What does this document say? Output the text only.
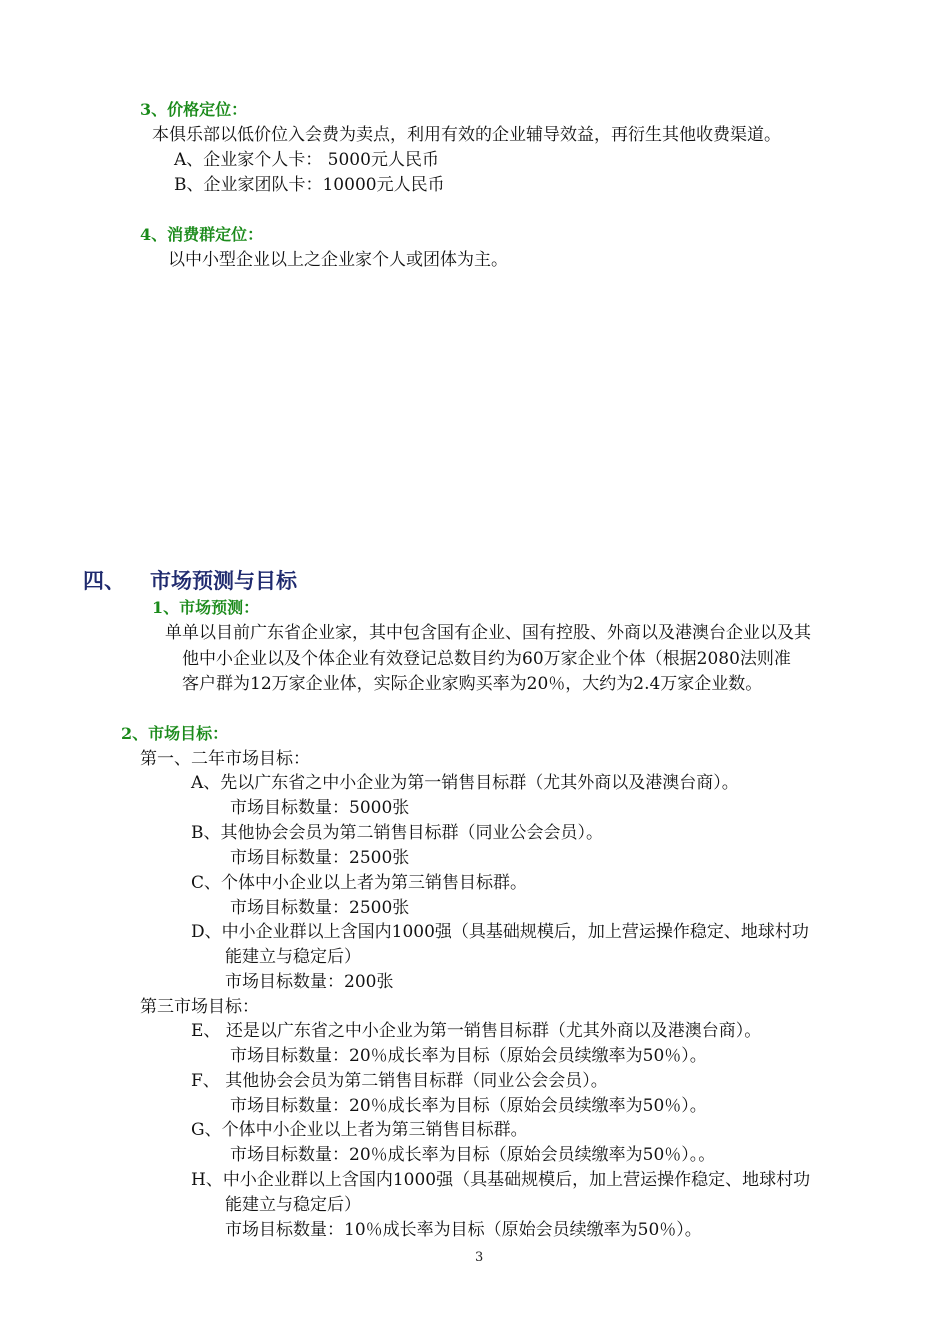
3、价格定位：
本俱乐部以低价位入会费为卖点，利用有效的企业辅导效益，再衍生其他收费渠道。
A、企业家个人卡： 5000元人民币
B、企业家团队卡：10000元人民币
4、消费群定位：
以中小型企业以上之企业家个人或团体为主。
四、 市场预测与目标
1、市场预测：
单单以目前广东省企业家，其中包含国有企业、国有控股、外商以及港澳台企业以及其
他中小企业以及个体企业有效登记总数目约为60万家企业个体（根据2080法则准
客户群为12万家企业体，实际企业家购买率为20％，大约为2.4万家企业数。
2、市场目标：
第一、二年市场目标：
A、先以广东省之中小企业为第一销售目标群（尤其外商以及港澳台商）。
市场目标数量：5000张
B、其他协会会员为第二销售目标群（同业公会会员）。
市场目标数量：2500张
C、个体中小企业以上者为第三销售目标群。
市场目标数量：2500张
D、中小企业群以上含国内1000强（具基础规模后，加上营运操作稳定、地球村功
能建立与稳定后）
市场目标数量：200张
第三市场目标：
E、 还是以广东省之中小企业为第一销售目标群（尤其外商以及港澳台商）。
市场目标数量：20％成长率为目标（原始会员续缴率为50％）。
F、 其他协会会员为第二销售目标群（同业公会会员）。
市场目标数量：20％成长率为目标（原始会员续缴率为50％）。
G、个体中小企业以上者为第三销售目标群。
市场目标数量：20％成长率为目标（原始会员续缴率为50％）。。
H、中小企业群以上含国内1000强（具基础规模后，加上营运操作稳定、地球村功
能建立与稳定后）
市场目标数量：10％成长率为目标（原始会员续缴率为50％）。
3
